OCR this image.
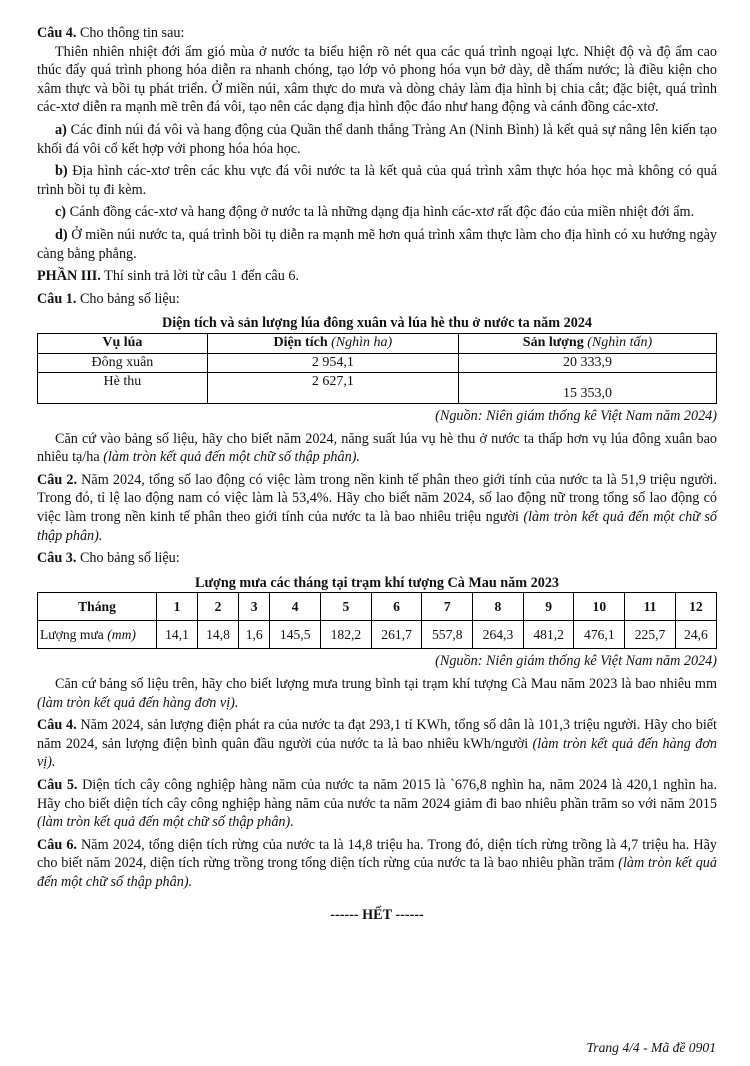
Câu 4. Cho thông tin sau:

Thiên nhiên nhiệt đới ẩm gió mùa ở nước ta biểu hiện rõ nét qua các quá trình ngoại lực. Nhiệt độ và độ ẩm cao thúc đẩy quá trình phong hóa diễn ra nhanh chóng, tạo lớp vỏ phong hóa vụn bở dày, dễ thấm nước; là điều kiện cho xâm thực và bồi tụ phát triển. Ở miền núi, xâm thực do mưa và dòng chảy làm địa hình bị chia cắt; đặc biệt, quá trình các-xtơ diễn ra mạnh mẽ trên đá vôi, tạo nên các dạng địa hình độc đáo như hang động và cánh đồng các-xtơ.

a) Các đỉnh núi đá vôi và hang động của Quần thể danh thắng Tràng An (Ninh Bình) là kết quả sự nâng lên kiến tạo khối đá vôi cổ kết hợp với phong hóa hóa học.

b) Địa hình các-xtơ trên các khu vực đá vôi nước ta là kết quả của quá trình xâm thực hóa học mà không có quá trình bồi tụ đi kèm.

c) Cánh đồng các-xtơ và hang động ở nước ta là những dạng địa hình các-xtơ rất độc đáo của miền nhiệt đới ẩm.

d) Ở miền núi nước ta, quá trình bồi tụ diễn ra mạnh mẽ hơn quá trình xâm thực làm cho địa hình có xu hướng ngày càng bằng phẳng.

PHẦN III. Thí sinh trả lời từ câu 1 đến câu 6.

Câu 1. Cho bảng số liệu:

Diện tích và sản lượng lúa đông xuân và lúa hè thu ở nước ta năm 2024

Vụ lúa	Diện tích (Nghìn ha)	Sản lượng (Nghìn tấn)
Đông xuân	2 954,1	20 333,9
Hè thu	2 627,1	15 353,0

(Nguồn: Niên giám thống kê Việt Nam năm 2024)

Căn cứ vào bảng số liệu, hãy cho biết năm 2024, năng suất lúa vụ hè thu ở nước ta thấp hơn vụ lúa đông xuân bao nhiêu tạ/ha (làm tròn kết quả đến một chữ số thập phân).

Câu 2. Năm 2024, tổng số lao động có việc làm trong nền kinh tế phân theo giới tính của nước ta là 51,9 triệu người. Trong đó, tỉ lệ lao động nam có việc làm là 53,4%. Hãy cho biết năm 2024, số lao động nữ trong tổng số lao động có việc làm trong nền kinh tế phân theo giới tính của nước ta là bao nhiêu triệu người (làm tròn kết quả đến một chữ số thập phân).

Câu 3. Cho bảng số liệu:

Lượng mưa các tháng tại trạm khí tượng Cà Mau năm 2023

Tháng	1	2	3	4	5	6	7	8	9	10	11	12
Lượng mưa (mm)	14,1	14,8	1,6	145,5	182,2	261,7	557,8	264,3	481,2	476,1	225,7	24,6

(Nguồn: Niên giám thống kê Việt Nam năm 2024)

Căn cứ bảng số liệu trên, hãy cho biết lượng mưa trung bình tại trạm khí tượng Cà Mau năm 2023 là bao nhiêu mm (làm tròn kết quả đến hàng đơn vị).

Câu 4. Năm 2024, sản lượng điện phát ra của nước ta đạt 293,1 tỉ KWh, tổng số dân là 101,3 triệu người. Hãy cho biết năm 2024, sản lượng điện bình quân đầu người của nước ta là bao nhiêu kWh/người (làm tròn kết quả đến hàng đơn vị).

Câu 5. Diện tích cây công nghiệp hàng năm của nước ta năm 2015 là `676,8 nghìn ha, năm 2024 là 420,1 nghìn ha. Hãy cho biết diện tích cây công nghiệp hàng năm của nước ta năm 2024 giảm đi bao nhiêu phần trăm so với năm 2015 (làm tròn kết quả đến một chữ số thập phân).

Câu 6. Năm 2024, tổng diện tích rừng của nước ta là 14,8 triệu ha. Trong đó, diện tích rừng trồng là 4,7 triệu ha. Hãy cho biết năm 2024, diện tích rừng trồng trong tổng diện tích rừng của nước ta là bao nhiêu phần trăm (làm tròn kết quả đến một chữ số thập phân).

------ HẾT ------

Trang 4/4 - Mã đề 0901
